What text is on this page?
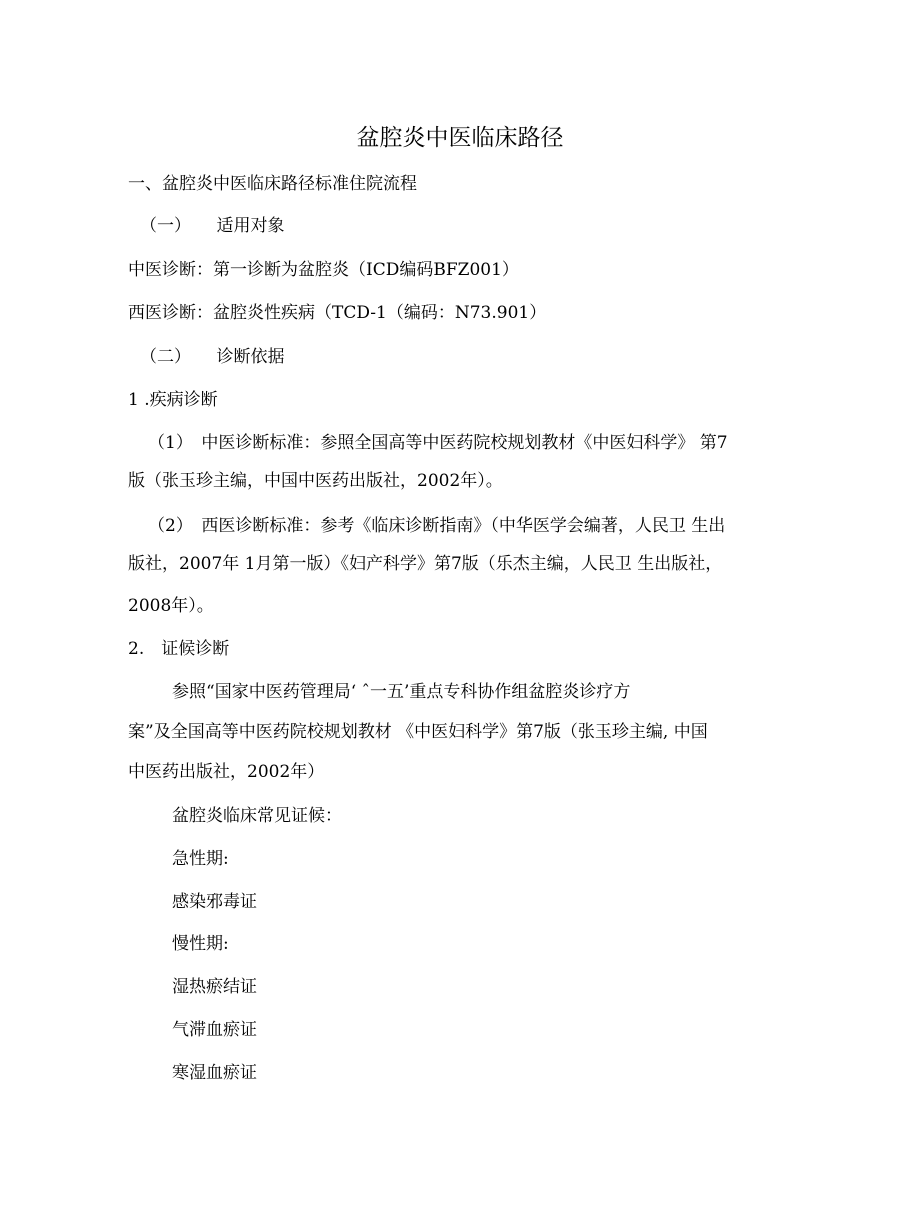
盆腔炎中医临床路径

一、盆腔炎中医临床路径标准住院流程

（一）　　适用对象

中医诊断：第一诊断为盆腔炎（ICD编码BFZ001）

西医诊断：盆腔炎性疾病（TCD-1（编码：N73.901）

（二）　　诊断依据

1 .疾病诊断

（1）　中医诊断标准：参照全国高等中医药院校规划教材《中医妇科学》 第7

版（张玉珍主编，中国中医药出版社，2002年）。

（2）　西医诊断标准：参考《临床诊断指南》（中华医学会编著，人民卫 生出

版社，2007年 1月第一版）《妇产科学》第7版（乐杰主编，人民卫 生出版社，

2008年）。

2.　证候诊断

参照“国家中医药管理局‘ ˆ一五’重点专科协作组盆腔炎诊疗方

案”及全国高等中医药院校规划教材 《中医妇科学》第7版（张玉珍主编, 中国

中医药出版社，2002年）

盆腔炎临床常见证候：

急性期:

感染邪毒证

慢性期:

湿热瘀结证

气滞血瘀证

寒湿血瘀证
